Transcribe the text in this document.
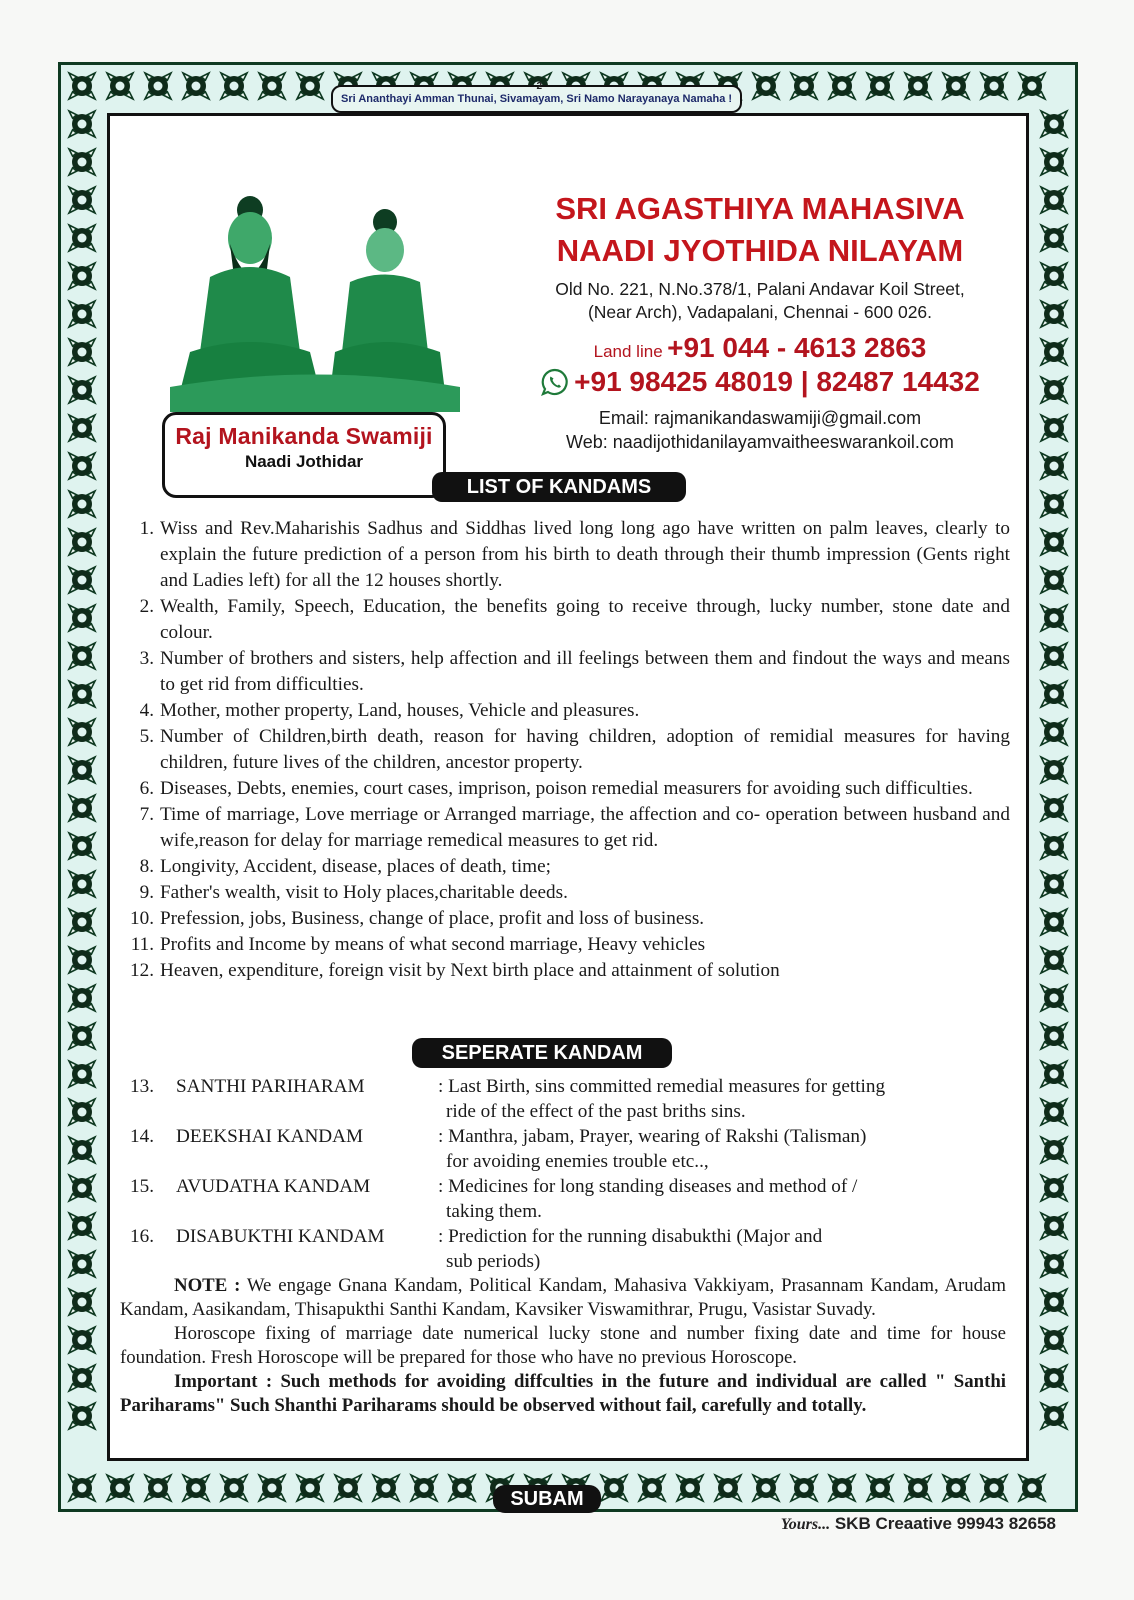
2
Sri Ananthayi Amman Thunai, Sivamayam, Sri Namo Narayanaya Namaha !
Raj Manikanda Swamiji
Naadi Jothidar
SRI AGASTHIYA MAHASIVA
NAADI JYOTHIDA NILAYAM
Old No. 221, N.No.378/1, Palani Andavar Koil Street,
(Near Arch), Vadapalani, Chennai - 600 026.
Land line +91 044 - 4613 2863
+91 98425 48019 | 82487 14432
Email: rajmanikandaswamiji@gmail.com
Web: naadijothidanilayamvaitheeswarankoil.com
LIST OF KANDAMS
1. Wiss and Rev.Maharishis Sadhus and Siddhas lived long long ago have written on palm leaves, clearly to explain the future prediction of a person from his birth to death through their thumb impression (Gents right and Ladies left) for all the 12 houses shortly.
2. Wealth, Family, Speech, Education, the benefits going to receive through, lucky number, stone date and colour.
3. Number of brothers and sisters, help affection and ill feelings between them and findout the ways and means to get rid from difficulties.
4. Mother, mother property, Land, houses, Vehicle and pleasures.
5. Number of Children,birth death, reason for having children, adoption of remidial measures for having children, future lives of the children, ancestor property.
6. Diseases, Debts, enemies, court cases, imprison, poison remedial measurers for avoiding such difficulties.
7. Time of marriage, Love merriage or Arranged marriage, the affection and co- operation between husband and wife,reason for delay for marriage remedical measures to get rid.
8. Longivity, Accident, disease, places of death, time;
9. Father's wealth, visit to Holy places,charitable deeds.
10. Prefession, jobs, Business, change of place, profit and loss of business.
11. Profits and Income by means of what second marriage, Heavy vehicles
12. Heaven, expenditure, foreign visit by Next birth place and attainment of solution
SEPERATE KANDAM
13.	SANTHI PARIHARAM	: Last Birth, sins committed remedial measures for getting
ride of the effect of the past briths sins.
14.	DEEKSHAI KANDAM	: Manthra, jabam, Prayer, wearing of Rakshi (Talisman)
for avoiding enemies trouble etc..,
15.	AVUDATHA KANDAM	: Medicines for long standing diseases and method of /
taking them.
16.	DISABUKTHI KANDAM	: Prediction for the running disabukthi (Major and
sub periods)

NOTE : We engage Gnana Kandam, Political Kandam, Mahasiva Vakkiyam, Prasannam Kandam, Arudam Kandam, Aasikandam, Thisapukthi Santhi Kandam, Kavsiker Viswamithrar, Prugu, Vasistar Suvady.

Horoscope fixing of marriage date numerical lucky stone and number fixing date and time for house foundation. Fresh Horoscope will be prepared for those who have no previous Horoscope.

Important : Such methods for avoiding diffculties in the future and individual are called " Santhi Pariharams" Such Shanthi Pariharams should be observed without fail, carefully and totally.

SUBAM
Yours... SKB Creaative 99943 82658
